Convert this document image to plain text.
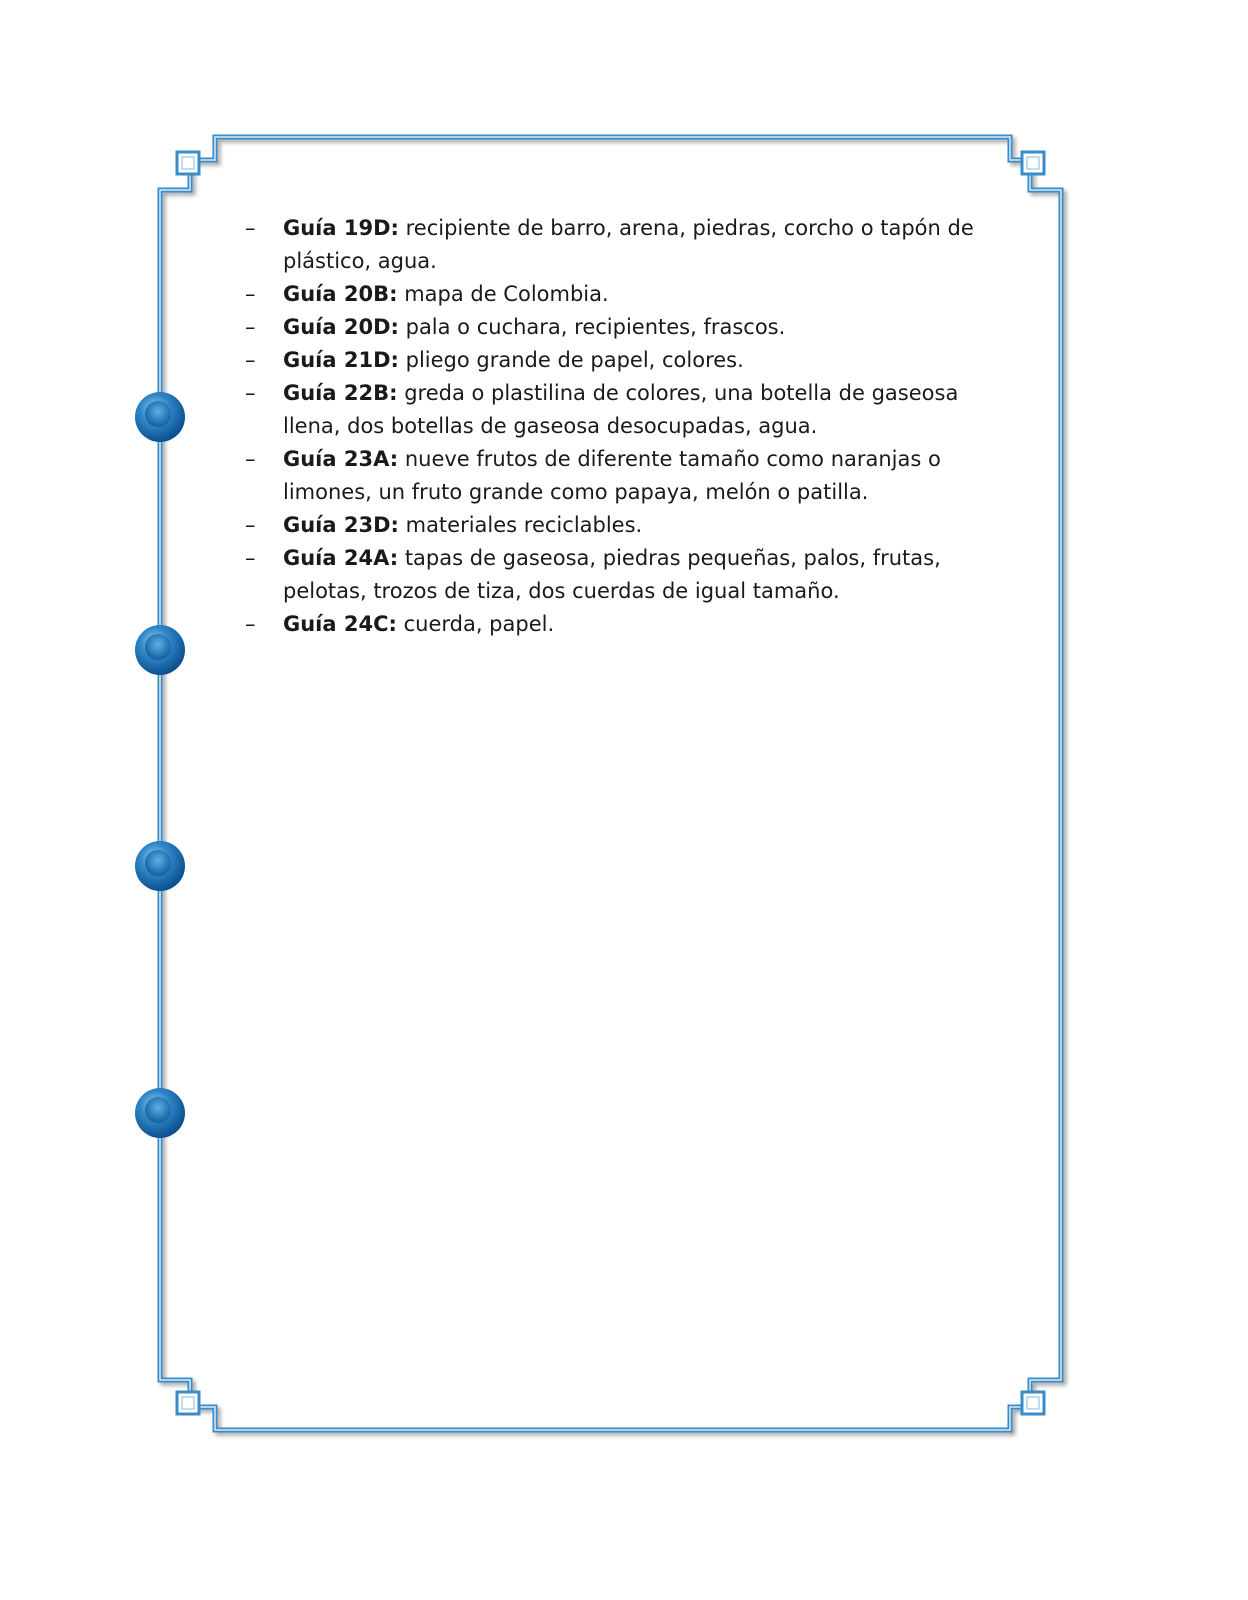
–	Guía 19D: recipiente de barro, arena, piedras, corcho o tapón de plástico, agua.
–	Guía 20B: mapa de Colombia.
–	Guía 20D: pala o cuchara, recipientes, frascos.
–	Guía 21D: pliego grande de papel, colores.
–	Guía 22B: greda o plastilina de colores, una botella de gaseosa llena, dos botellas de gaseosa desocupadas, agua.
–	Guía 23A: nueve frutos de diferente tamaño como naranjas o limones, un fruto grande como papaya, melón o patilla.
–	Guía 23D: materiales reciclables.
–	Guía 24A: tapas de gaseosa, piedras pequeñas, palos, frutas, pelotas, trozos de tiza, dos cuerdas de igual tamaño.
–	Guía 24C: cuerda, papel.
